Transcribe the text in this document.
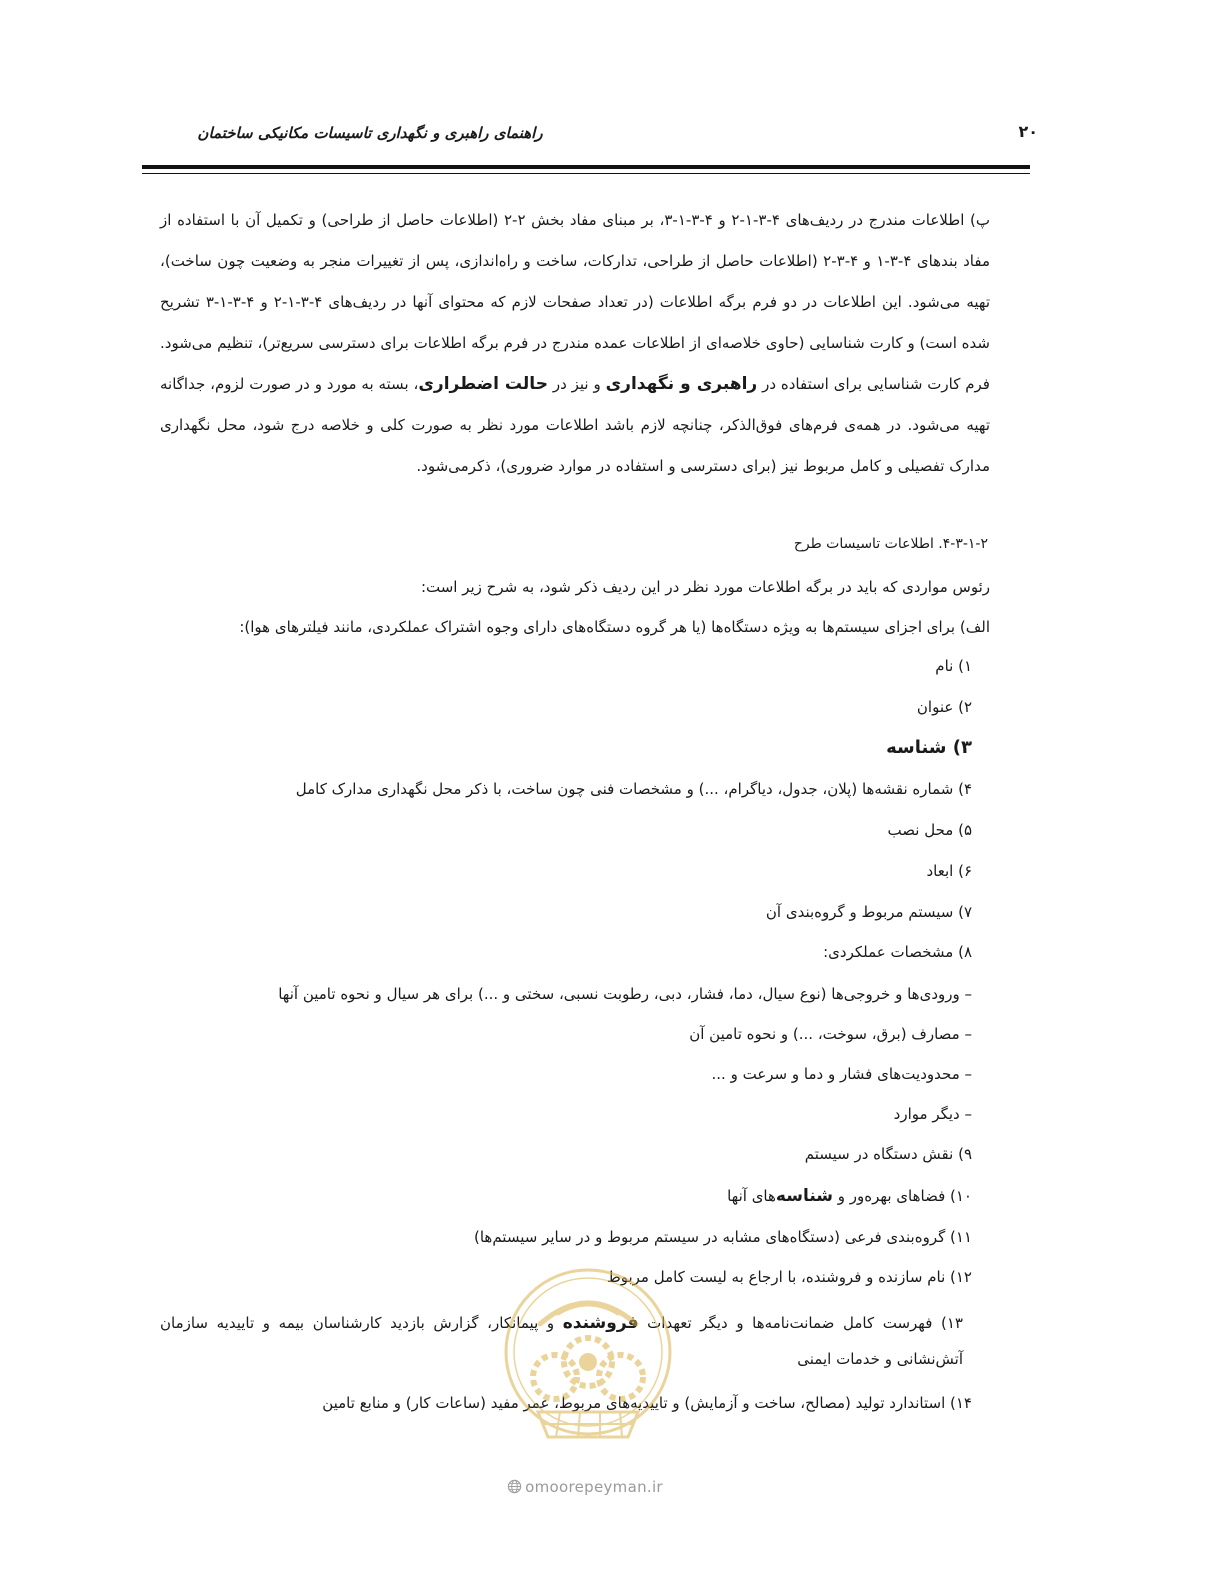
راهنمای راهبری و نگهداری تاسیسات مکانیکی ساختمان	۲۰
پ) اطلاعات مندرج در ردیف‌های ۴-۳-۱-۲ و ۴-۳-۱-۳، بر مبنای مفاد بخش ۲-۲ (اطلاعات حاصل از طراحی) و تکمیل آن با استفاده از مفاد بندهای ۴-۳-۱ و ۴-۳-۲ (اطلاعات حاصل از طراحی، تدارکات، ساخت و راه‌اندازی، پس از تغییرات منجر به وضعیت چون ساخت)، تهیه می‌شود. این اطلاعات در دو فرم برگه اطلاعات (در تعداد صفحات لازم که محتوای آنها در ردیف‌های ۴-۳-۱-۲ و ۴-۳-۱-۳ تشریح شده است) و کارت شناسایی (حاوی خلاصه‌ای از اطلاعات عمده مندرج در فرم برگه اطلاعات برای دسترسی سریع‌تر)، تنظیم می‌شود. فرم کارت شناسایی برای استفاده در راهبری و نگهداری و نیز در حالت اضطراری، بسته به مورد و در صورت لزوم، جداگانه تهیه می‌شود. در همه‌ی فرم‌های فوق‌الذکر، چنانچه لازم باشد اطلاعات مورد نظر به صورت کلی و خلاصه درج شود، محل نگهداری مدارک تفصیلی و کامل مربوط نیز (برای دسترسی و استفاده در موارد ضروری)، ذکرمی‌شود.
۴-۳-۱-۲. اطلاعات تاسیسات طرح
رئوس مواردی که باید در برگه اطلاعات مورد نظر در این ردیف ذکر شود، به شرح زیر است:
الف) برای اجزای سیستم‌ها به ویژه دستگاه‌ها (یا هر گروه دستگاه‌های دارای وجوه اشتراک عملکردی، مانند فیلترهای هوا):
۱) نام
۲) عنوان
۳) شناسه
۴) شماره نقشه‌ها (پلان، جدول، دیاگرام، ...) و مشخصات فنی چون ساخت، با ذکر محل نگهداری مدارک کامل
۵) محل نصب
۶) ابعاد
۷) سیستم مربوط و گروه‌بندی آن
۸) مشخصات عملکردی:
– ورودی‌ها و خروجی‌ها (نوع سیال، دما، فشار، دبی، رطوبت نسبی، سختی و ...) برای هر سیال و نحوه تامین آنها
– مصارف (برق، سوخت، ...) و نحوه تامین آن
– محدودیت‌های فشار و دما و سرعت و ...
– دیگر موارد
۹) نقش دستگاه در سیستم
۱۰) فضاهای بهره‌ور و شناسه‌های آنها
۱۱) گروه‌بندی فرعی (دستگاه‌های مشابه در سیستم مربوط و در سایر سیستم‌ها)
۱۲) نام سازنده و فروشنده، با ارجاع به لیست کامل مربوط
۱۳) فهرست کامل ضمانت‌نامه‌ها و دیگر تعهدات فروشنده و پیمانکار، گزارش بازدید کارشناسان بیمه و تاییدیه سازمان آتش‌نشانی و خدمات ایمنی
۱۴) استاندارد تولید (مصالح، ساخت و آزمایش) و تاییدیه‌های مربوط، عمر مفید (ساعات کار) و منابع تامین
omoorepeyman.ir
